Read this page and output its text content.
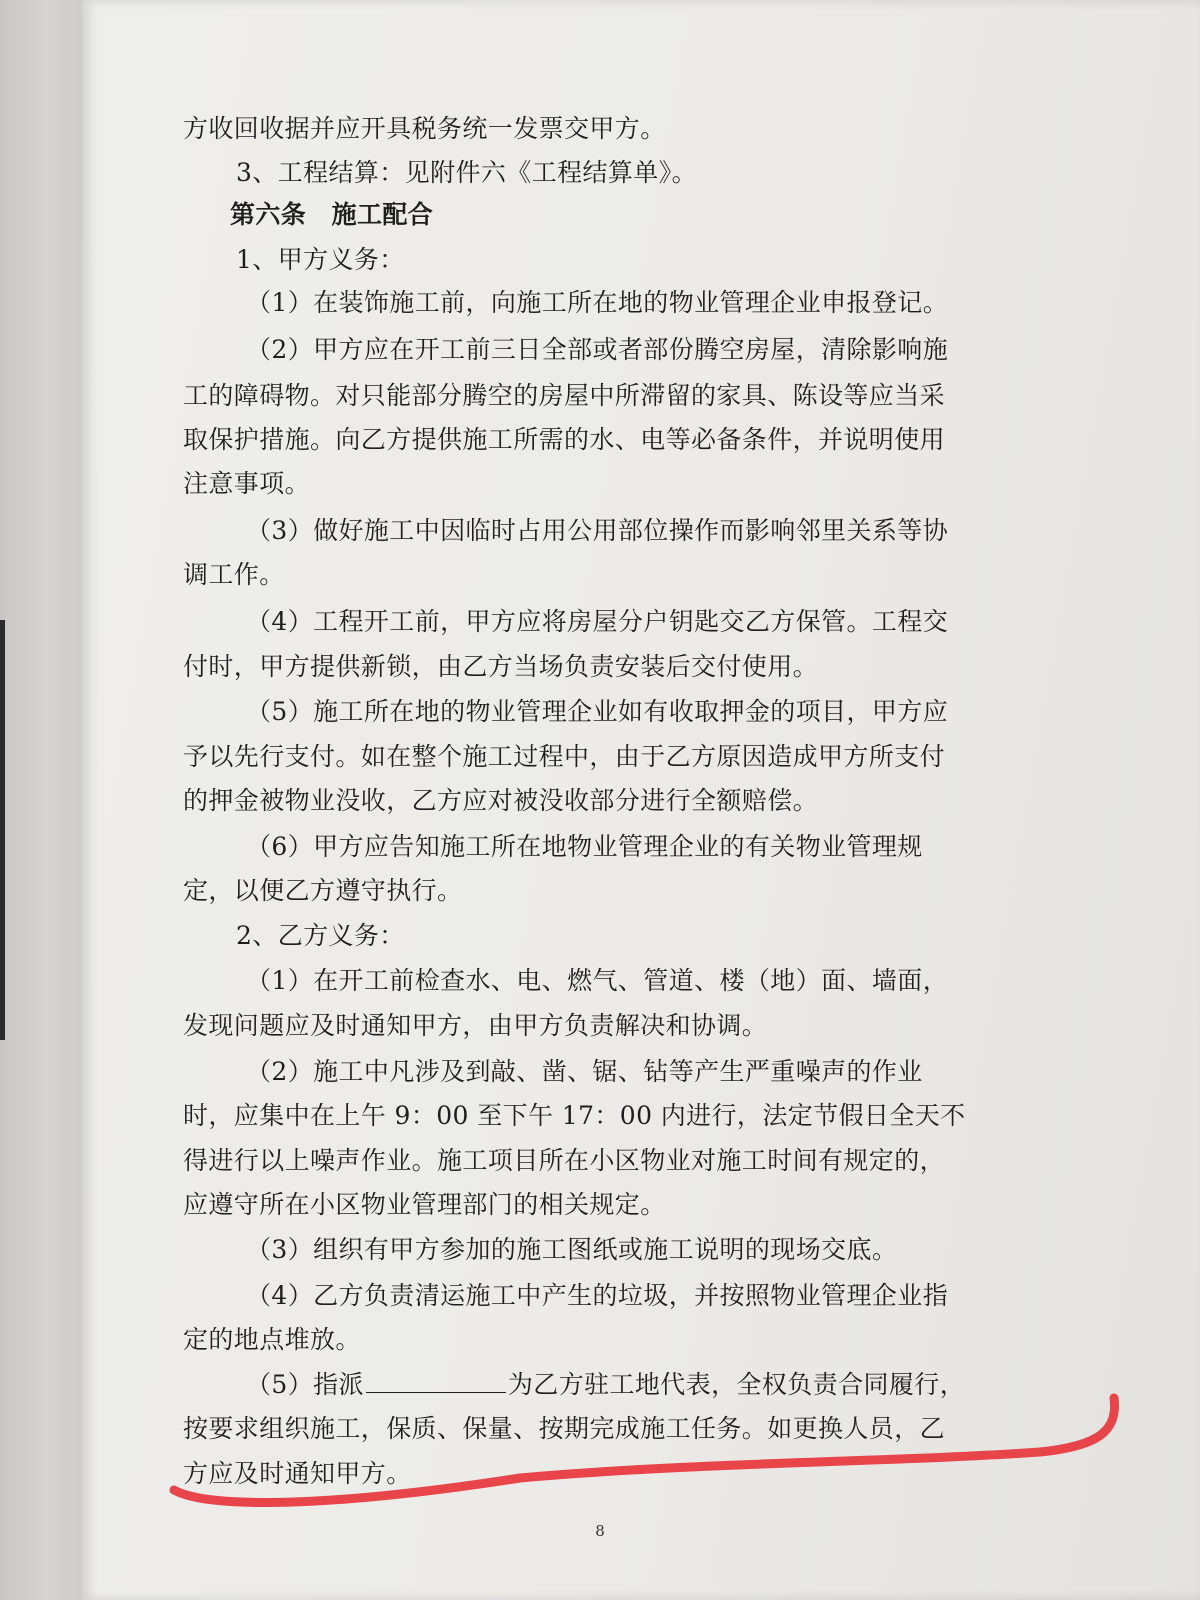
方收回收据并应开具税务统一发票交甲方。
3、工程结算：见附件六《工程结算单》。
第六条　施工配合
1、甲方义务：
（1）在装饰施工前，向施工所在地的物业管理企业申报登记。
（2）甲方应在开工前三日全部或者部份腾空房屋，清除影响施
工的障碍物。对只能部分腾空的房屋中所滞留的家具、陈设等应当采
取保护措施。向乙方提供施工所需的水、电等必备条件，并说明使用
注意事项。
（3）做好施工中因临时占用公用部位操作而影响邻里关系等协
调工作。
（4）工程开工前，甲方应将房屋分户钥匙交乙方保管。工程交
付时，甲方提供新锁，由乙方当场负责安装后交付使用。
（5）施工所在地的物业管理企业如有收取押金的项目，甲方应
予以先行支付。如在整个施工过程中，由于乙方原因造成甲方所支付
的押金被物业没收，乙方应对被没收部分进行全额赔偿。
（6）甲方应告知施工所在地物业管理企业的有关物业管理规
定，以便乙方遵守执行。
2、乙方义务：
（1）在开工前检查水、电、燃气、管道、楼（地）面、墙面，
发现问题应及时通知甲方，由甲方负责解决和协调。
（2）施工中凡涉及到敲、凿、锯、钻等产生严重噪声的作业
时，应集中在上午 9：00 至下午 17：00 内进行，法定节假日全天不
得进行以上噪声作业。施工项目所在小区物业对施工时间有规定的，
应遵守所在小区物业管理部门的相关规定。
（3）组织有甲方参加的施工图纸或施工说明的现场交底。
（4）乙方负责清运施工中产生的垃圾，并按照物业管理企业指
定的地点堆放。
（5）指派	为乙方驻工地代表，全权负责合同履行，
按要求组织施工，保质、保量、按期完成施工任务。如更换人员，乙
方应及时通知甲方。
8
